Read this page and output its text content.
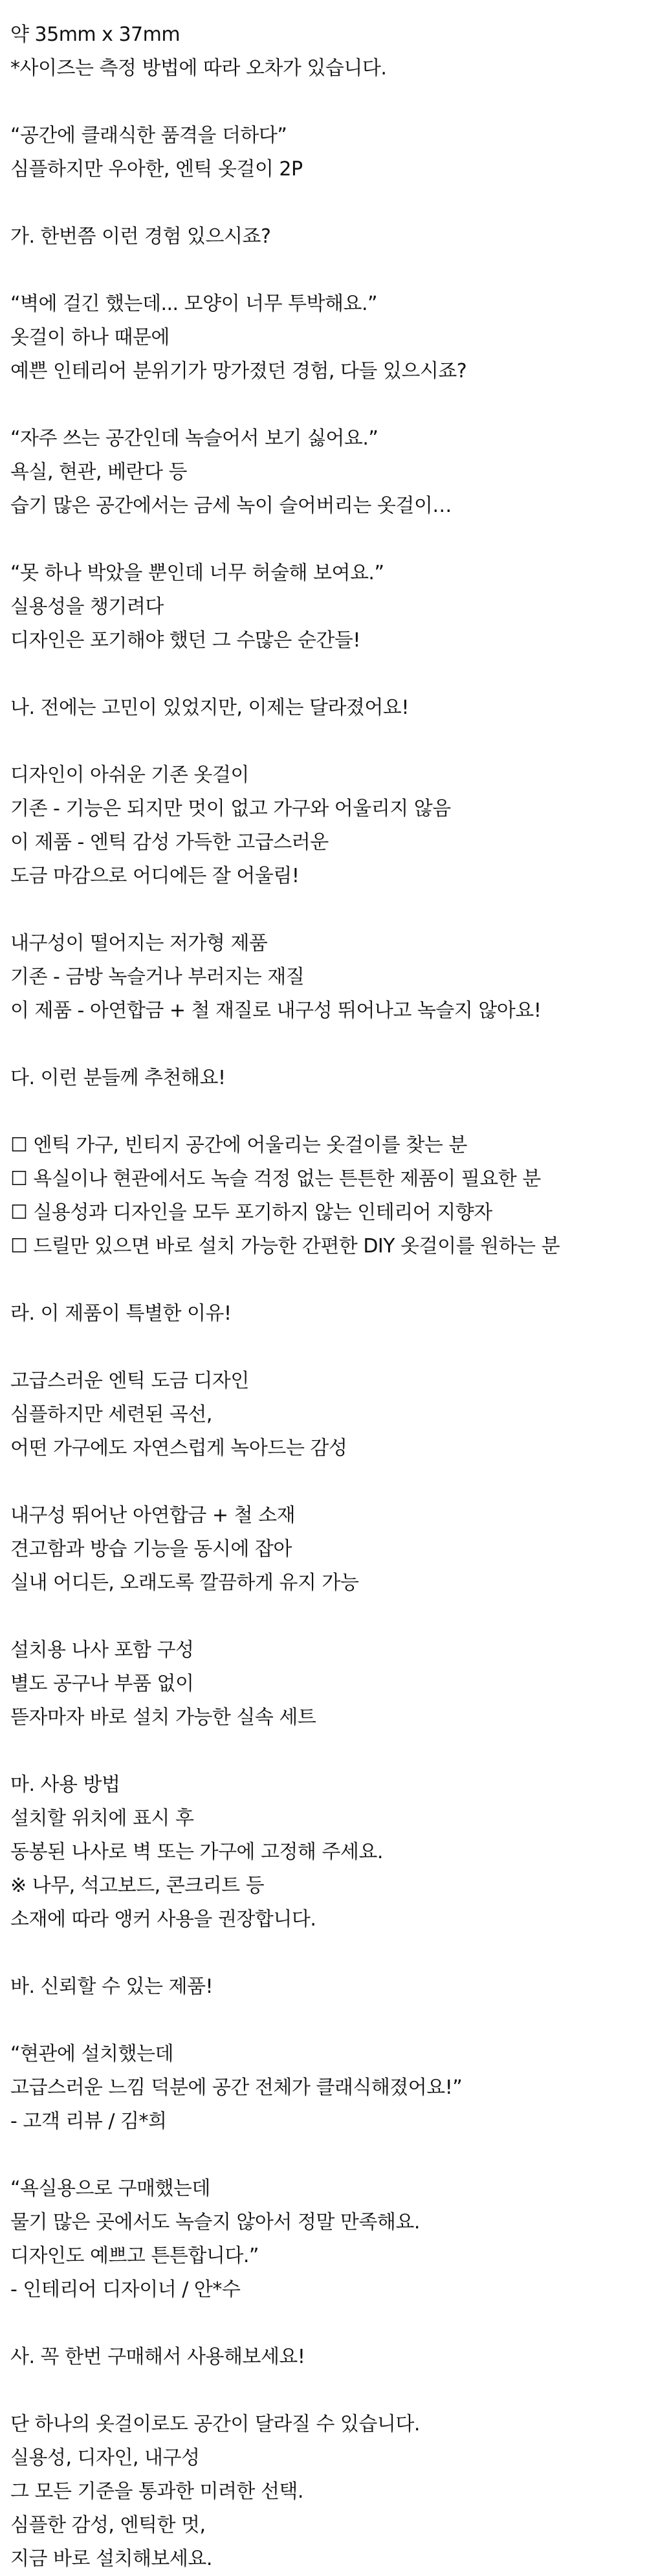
약 35mm x 37mm
*사이즈는 측정 방법에 따라 오차가 있습니다.
“공간에 클래식한 품격을 더하다”
심플하지만 우아한, 엔틱 옷걸이 2P
가. 한번쯤 이런 경험 있으시죠?
“벽에 걸긴 했는데... 모양이 너무 투박해요.”
옷걸이 하나 때문에
예쁜 인테리어 분위기가 망가졌던 경험, 다들 있으시죠?
“자주 쓰는 공간인데 녹슬어서 보기 싫어요.”
욕실, 현관, 베란다 등
습기 많은 공간에서는 금세 녹이 슬어버리는 옷걸이…
“못 하나 박았을 뿐인데 너무 허술해 보여요.”
실용성을 챙기려다
디자인은 포기해야 했던 그 수많은 순간들!
나. 전에는 고민이 있었지만, 이제는 달라졌어요!
디자인이 아쉬운 기존 옷걸이
기존 - 기능은 되지만 멋이 없고 가구와 어울리지 않음
이 제품 - 엔틱 감성 가득한 고급스러운
도금 마감으로 어디에든 잘 어울림!
내구성이 떨어지는 저가형 제품
기존 - 금방 녹슬거나 부러지는 재질
이 제품 - 아연합금 + 철 재질로 내구성 뛰어나고 녹슬지 않아요!
다. 이런 분들께 추천해요!
☐ 엔틱 가구, 빈티지 공간에 어울리는 옷걸이를 찾는 분
☐ 욕실이나 현관에서도 녹슬 걱정 없는 튼튼한 제품이 필요한 분
☐ 실용성과 디자인을 모두 포기하지 않는 인테리어 지향자
☐ 드릴만 있으면 바로 설치 가능한 간편한 DIY 옷걸이를 원하는 분
라. 이 제품이 특별한 이유!
고급스러운 엔틱 도금 디자인
심플하지만 세련된 곡선,
어떤 가구에도 자연스럽게 녹아드는 감성
내구성 뛰어난 아연합금 + 철 소재
견고함과 방습 기능을 동시에 잡아
실내 어디든, 오래도록 깔끔하게 유지 가능
설치용 나사 포함 구성
별도 공구나 부품 없이
뜯자마자 바로 설치 가능한 실속 세트
마. 사용 방법
설치할 위치에 표시 후
동봉된 나사로 벽 또는 가구에 고정해 주세요.
※ 나무, 석고보드, 콘크리트 등
소재에 따라 앵커 사용을 권장합니다.
바. 신뢰할 수 있는 제품!
“현관에 설치했는데
고급스러운 느낌 덕분에 공간 전체가 클래식해졌어요!”
- 고객 리뷰 / 김*희
“욕실용으로 구매했는데
물기 많은 곳에서도 녹슬지 않아서 정말 만족해요.
디자인도 예쁘고 튼튼합니다.”
- 인테리어 디자이너 / 안*수
사. 꼭 한번 구매해서 사용해보세요!
단 하나의 옷걸이로도 공간이 달라질 수 있습니다.
실용성, 디자인, 내구성
그 모든 기준을 통과한 미려한 선택.
심플한 감성, 엔틱한 멋,
지금 바로 설치해보세요.
